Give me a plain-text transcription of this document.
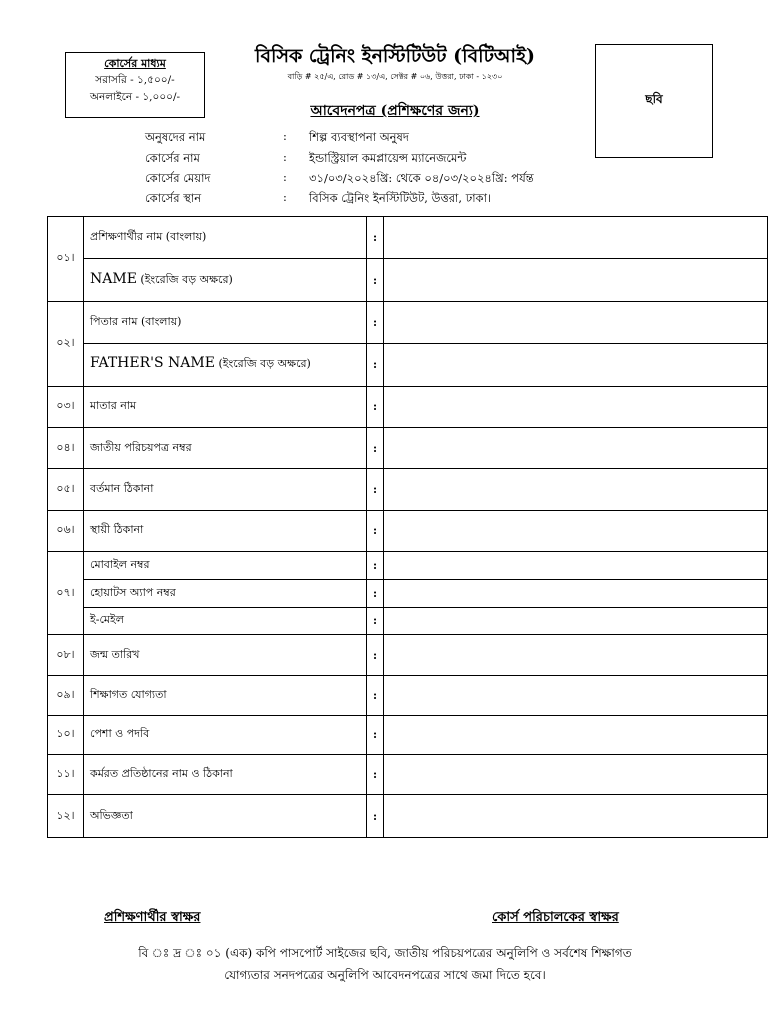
কোর্সের মাধ্যম
সরাসরি - ১,৫০০/-
অনলাইনে - ১,০০০/-
বিসিক ট্রেনিং ইনস্টিটিউট (বিটিআই)
বাড়ি # ২৫/এ, রোড # ১৩/এ, সেক্টর # ০৬, উত্তরা, ঢাকা - ১২৩০
আবেদনপত্র (প্রশিক্ষণের জন্য)
ছবি
অনুষদের নাম	: শিল্প ব্যবস্থাপনা অনুষদ
কোর্সের নাম	: ইন্ডাস্ট্রিয়াল কমপ্লায়েন্স ম্যানেজমেন্ট
কোর্সের মেয়াদ	: ৩১/০৩/২০২৪খ্রি: থেকে ০৪/০৩/২০২৪খ্রি: পর্যন্ত
কোর্সের স্থান	: বিসিক ট্রেনিং ইনস্টিটিউট, উত্তরা, ঢাকা।
০১।	প্রশিক্ষণার্থীর নাম (বাংলায়)	:	
	NAME (ইংরেজি বড় অক্ষরে)	:	
০২।	পিতার নাম (বাংলায়)	:	
	FATHER'S NAME (ইংরেজি বড় অক্ষরে)	:	
০৩।	মাতার নাম	:	
০৪।	জাতীয় পরিচয়পত্র নম্বর	:	
০৫।	বর্তমান ঠিকানা	:	
০৬।	স্থায়ী ঠিকানা	:	
০৭।	মোবাইল নম্বর	:	
	হোয়াটস অ্যাপ নম্বর	:	
	ই-মেইল	:	
০৮।	জন্ম তারিখ	:	
০৯।	শিক্ষাগত যোগ্যতা	:	
১০।	পেশা ও পদবি	:	
১১।	কর্মরত প্রতিষ্ঠানের নাম ও ঠিকানা	:	
১২।	অভিজ্ঞতা	:	
প্রশিক্ষণার্থীর স্বাক্ষর	কোর্স পরিচালকের স্বাক্ষর
বি ঃ দ্র ঃ ০১ (এক) কপি পাসপোর্ট সাইজের ছবি, জাতীয় পরিচয়পত্রের অনুলিপি ও সর্বশেষ শিক্ষাগত
যোগ্যতার সনদপত্রের অনুলিপি আবেদনপত্রের সাথে জমা দিতে হবে।
